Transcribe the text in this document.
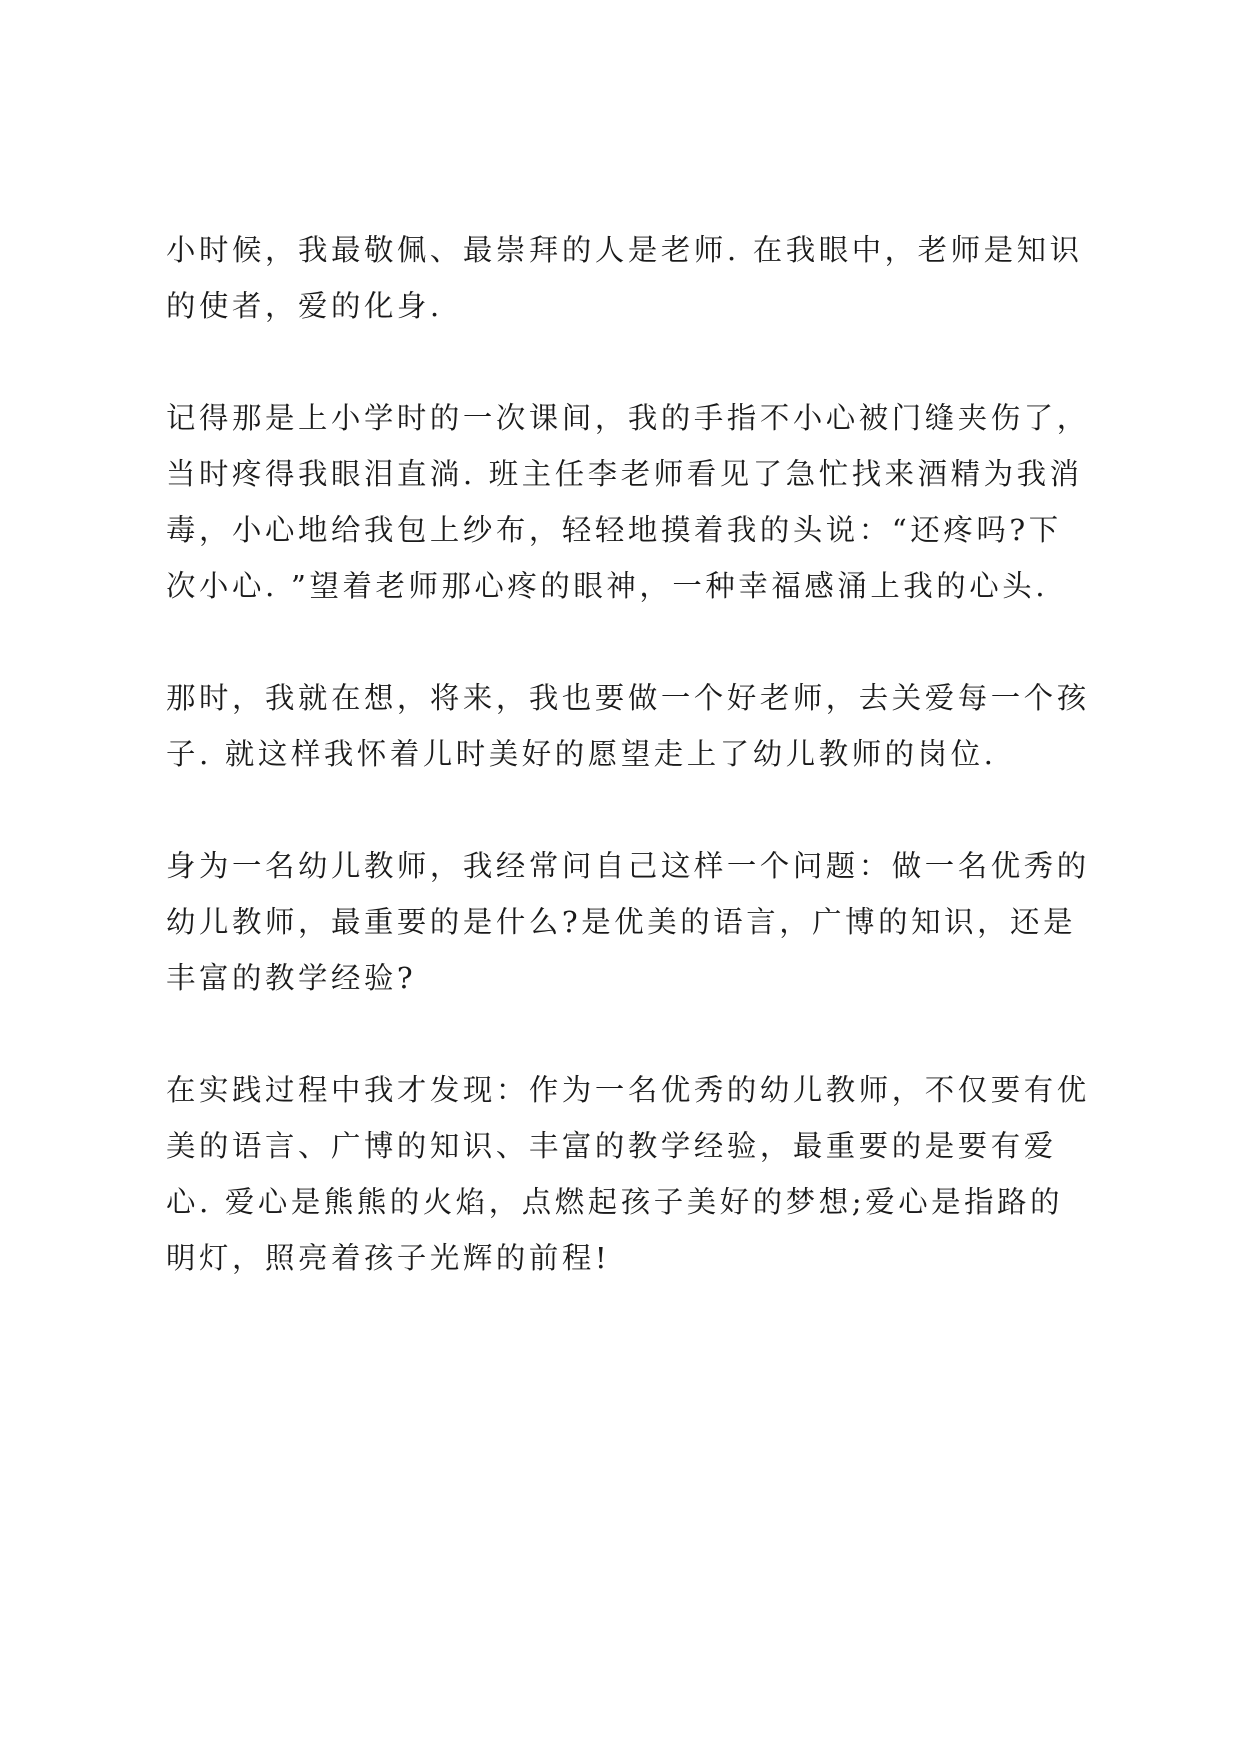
小时候，我最敬佩、最崇拜的人是老师. 在我眼中，老师是知识
的使者，爱的化身.

记得那是上小学时的一次课间，我的手指不小心被门缝夹伤了，
当时疼得我眼泪直淌. 班主任李老师看见了急忙找来酒精为我消
毒，小心地给我包上纱布，轻轻地摸着我的头说：“还疼吗?下
次小心. ”望着老师那心疼的眼神，一种幸福感涌上我的心头.

那时，我就在想，将来，我也要做一个好老师，去关爱每一个孩
子. 就这样我怀着儿时美好的愿望走上了幼儿教师的岗位.

身为一名幼儿教师，我经常问自己这样一个问题：做一名优秀的
幼儿教师，最重要的是什么?是优美的语言，广博的知识，还是
丰富的教学经验?

在实践过程中我才发现：作为一名优秀的幼儿教师，不仅要有优
美的语言、广博的知识、丰富的教学经验，最重要的是要有爱
心. 爱心是熊熊的火焰，点燃起孩子美好的梦想;爱心是指路的
明灯，照亮着孩子光辉的前程!
